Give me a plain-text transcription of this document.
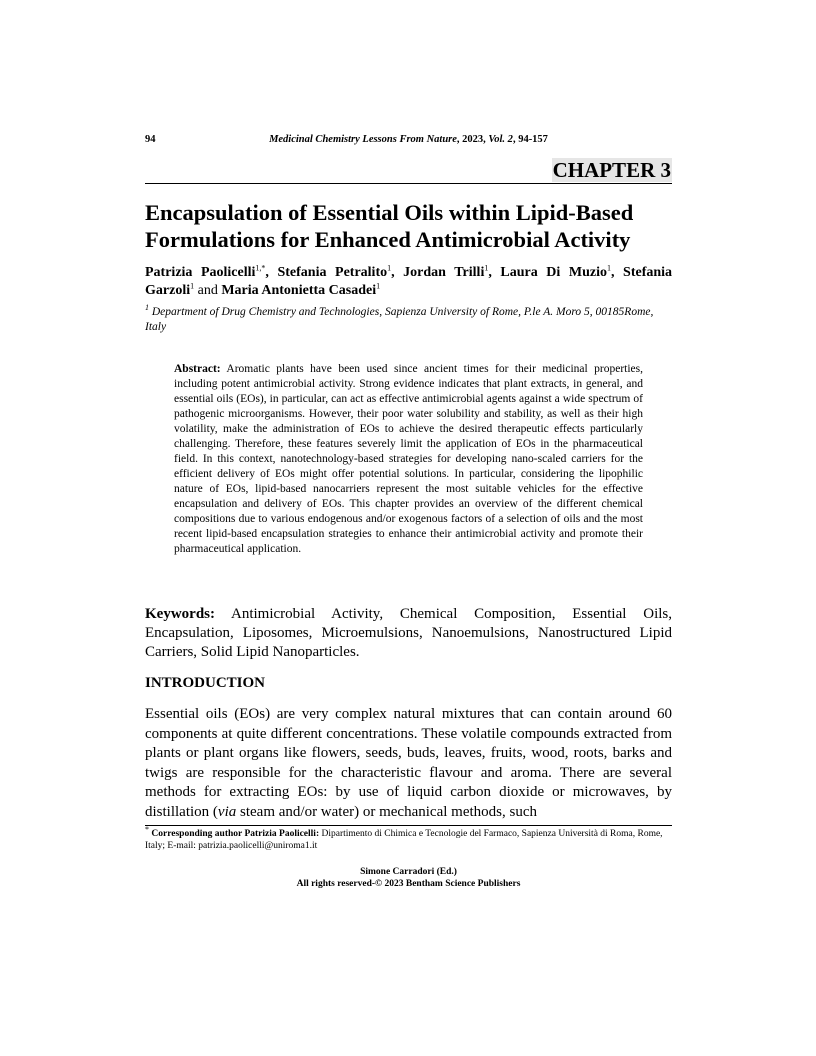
94	Medicinal Chemistry Lessons From Nature, 2023, Vol. 2, 94-157
CHAPTER 3
Encapsulation of Essential Oils within Lipid-Based Formulations for Enhanced Antimicrobial Activity
Patrizia Paolicelli$^{1,*}$, Stefania Petralito$^1$, Jordan Trilli$^1$, Laura Di Muzio$^1$, Stefania Garzoli$^1$ and Maria Antonietta Casadei$^1$
$^1$ Department of Drug Chemistry and Technologies, Sapienza University of Rome, P.le A. Moro 5, 00185Rome, Italy
Abstract: Aromatic plants have been used since ancient times for their medicinal properties, including potent antimicrobial activity. Strong evidence indicates that plant extracts, in general, and essential oils (EOs), in particular, can act as effective antimicrobial agents against a wide spectrum of pathogenic microorganisms. However, their poor water solubility and stability, as well as their high volatility, make the administration of EOs to achieve the desired therapeutic effects particularly challenging. Therefore, these features severely limit the application of EOs in the pharmaceutical field. In this context, nanotechnology-based strategies for developing nano-scaled carriers for the efficient delivery of EOs might offer potential solutions. In particular, considering the lipophilic nature of EOs, lipid-based nanocarriers represent the most suitable vehicles for the effective encapsulation and delivery of EOs. This chapter provides an overview of the different chemical compositions due to various endogenous and/or exogenous factors of a selection of oils and the most recent lipid-based encapsulation strategies to enhance their antimicrobial activity and promote their pharmaceutical application.
Keywords: Antimicrobial Activity, Chemical Composition, Essential Oils, Encapsulation, Liposomes, Microemulsions, Nanoemulsions, Nanostructured Lipid Carriers, Solid Lipid Nanoparticles.
INTRODUCTION
Essential oils (EOs) are very complex natural mixtures that can contain around 60 components at quite different concentrations. These volatile compounds extracted from plants or plant organs like flowers, seeds, buds, leaves, fruits, wood, roots, barks and twigs are responsible for the characteristic flavour and aroma. There are several methods for extracting EOs: by use of liquid carbon dioxide or microwaves, by distillation (via steam and/or water) or mechanical methods, such
* Corresponding author Patrizia Paolicelli: Dipartimento di Chimica e Tecnologie del Farmaco, Sapienza Università di Roma, Rome, Italy; E-mail: patrizia.paolicelli@uniroma1.it
Simone Carradori (Ed.)
All rights reserved-© 2023 Bentham Science Publishers
